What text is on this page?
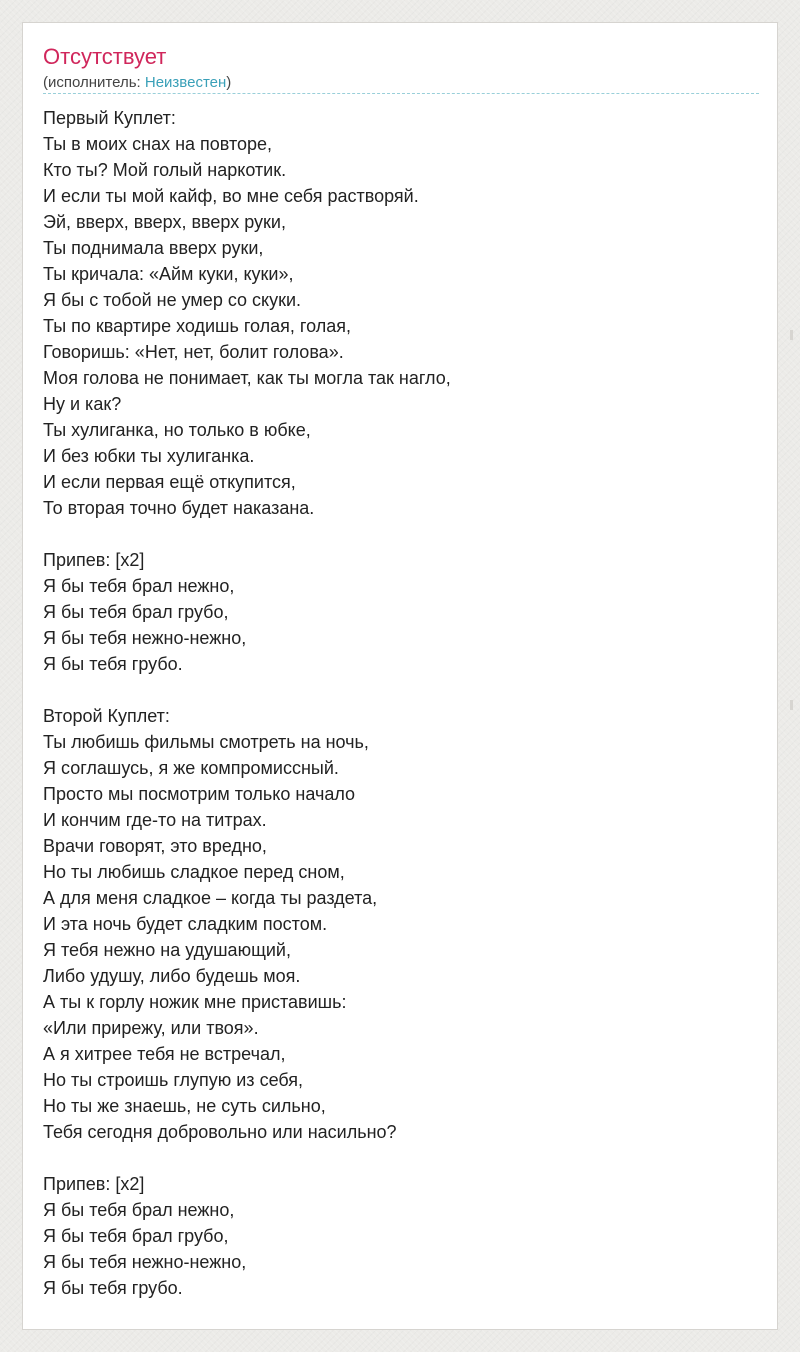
Отсутствует
(исполнитель: Неизвестен)
Первый Куплет:
Ты в моих снах на повторе,
Кто ты? Мой голый наркотик.
И если ты мой кайф, во мне себя растворяй.
Эй, вверх, вверх, вверх руки,
Ты поднимала вверх руки,
Ты кричала: «Айм куки, куки»,
Я бы с тобой не умер со скуки.
Ты по квартире ходишь голая, голая,
Говоришь: «Нет, нет, болит голова».
Моя голова не понимает, как ты могла так нагло,
Ну и как?
Ты хулиганка, но только в юбке,
И без юбки ты хулиганка.
И если первая ещё откупится,
То вторая точно будет наказана.

Припев: [x2]
Я бы тебя брал нежно,
Я бы тебя брал грубо,
Я бы тебя нежно-нежно,
Я бы тебя грубо.

Второй Куплет:
Ты любишь фильмы смотреть на ночь,
Я соглашусь, я же компромиссный.
Просто мы посмотрим только начало
И кончим где-то на титрах.
Врачи говорят, это вредно,
Но ты любишь сладкое перед сном,
А для меня сладкое – когда ты раздета,
И эта ночь будет сладким постом.
Я тебя нежно на удушающий,
Либо удушу, либо будешь моя.
А ты к горлу ножик мне приставишь:
«Или прирежу, или твоя».
А я хитрее тебя не встречал,
Но ты строишь глупую из себя,
Но ты же знаешь, не суть сильно,
Тебя сегодня добровольно или насильно?

Припев: [x2]
Я бы тебя брал нежно,
Я бы тебя брал грубо,
Я бы тебя нежно-нежно,
Я бы тебя грубо.
